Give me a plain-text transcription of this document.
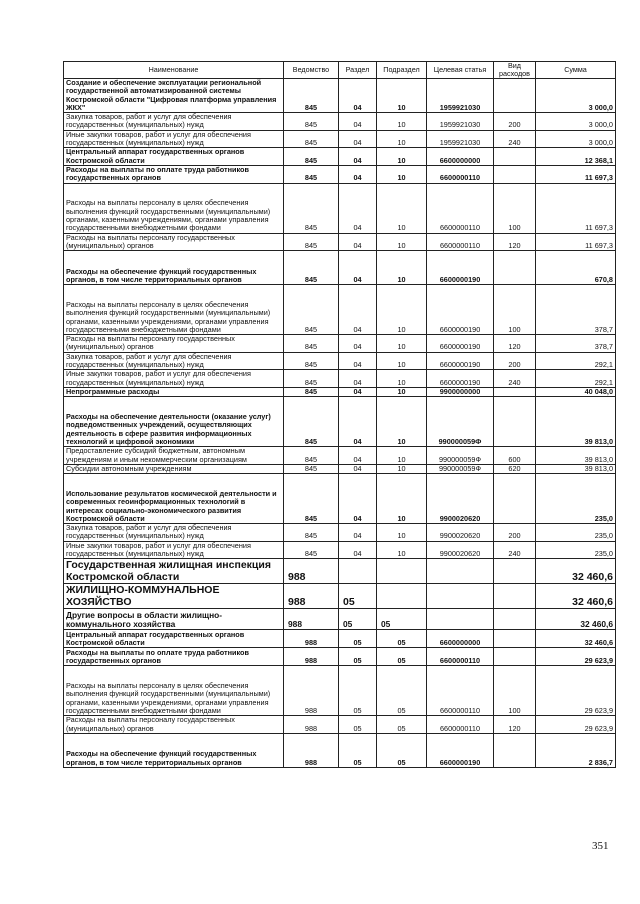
Наименование	Ведомство	Раздел	Подраздел	Целевая статья	Вид расходов	Сумма
Создание и обеспечение эксплуатации региональной государственной автоматизированной системы Костромской области "Цифровая платформа управления ЖКХ"	845	04	10	1959921030		3 000,0
Закупка товаров, работ и услуг для обеспечения государственных (муниципальных) нужд	845	04	10	1959921030	200	3 000,0
Иные закупки товаров, работ и услуг для обеспечения государственных (муниципальных) нужд	845	04	10	1959921030	240	3 000,0
Центральный аппарат государственных органов Костромской области	845	04	10	6600000000		12 368,1
Расходы на выплаты по оплате труда работников государственных органов	845	04	10	6600000110		11 697,3
Расходы на выплаты персоналу в целях обеспечения выполнения функций государственными (муниципальными) органами, казенными учреждениями, органами управления государственными внебюджетными фондами	845	04	10	6600000110	100	11 697,3
Расходы на выплаты персоналу государственных (муниципальных) органов	845	04	10	6600000110	120	11 697,3
Расходы на обеспечение функций государственных органов, в том числе территориальных органов	845	04	10	6600000190		670,8
Расходы на выплаты персоналу в целях обеспечения выполнения функций государственными (муниципальными) органами, казенными учреждениями, органами управления государственными внебюджетными фондами	845	04	10	6600000190	100	378,7
Расходы на выплаты персоналу государственных (муниципальных) органов	845	04	10	6600000190	120	378,7
Закупка товаров, работ и услуг для обеспечения государственных (муниципальных) нужд	845	04	10	6600000190	200	292,1
Иные закупки товаров, работ и услуг для обеспечения государственных (муниципальных) нужд	845	04	10	6600000190	240	292,1
Непрограммные расходы	845	04	10	9900000000		40 048,0
Расходы на обеспечение деятельности (оказание услуг) подведомственных учреждений, осуществляющих деятельность в сфере развития информационных технологий и цифровой экономики	845	04	10	990000059Ф		39 813,0
Предоставление субсидий бюджетным, автономным учреждениям и иным некоммерческим организациям	845	04	10	990000059Ф	600	39 813,0
Субсидии автономным учреждениям	845	04	10	990000059Ф	620	39 813,0
Использование результатов космической деятельности и современных геоинформационных технологий в интересах социально-экономического развития Костромской области	845	04	10	9900020620		235,0
Закупка товаров, работ и услуг для обеспечения государственных (муниципальных) нужд	845	04	10	9900020620	200	235,0
Иные закупки товаров, работ и услуг для обеспечения государственных (муниципальных) нужд	845	04	10	9900020620	240	235,0
Государственная жилищная инспекция Костромской области	988					32 460,6
ЖИЛИЩНО-КОММУНАЛЬНОЕ ХОЗЯЙСТВО	988	05				32 460,6
Другие вопросы в области жилищно-коммунального хозяйства	988	05	05			32 460,6
Центральный аппарат государственных органов Костромской области	988	05	05	6600000000		32 460,6
Расходы на выплаты по оплате труда работников государственных органов	988	05	05	6600000110		29 623,9
Расходы на выплаты персоналу в целях обеспечения выполнения функций государственными (муниципальными) органами, казенными учреждениями, органами управления государственными внебюджетными фондами	988	05	05	6600000110	100	29 623,9
Расходы на выплаты персоналу государственных (муниципальных) органов	988	05	05	6600000110	120	29 623,9
Расходы на обеспечение функций государственных органов, в том числе территориальных органов	988	05	05	6600000190		2 836,7
351
